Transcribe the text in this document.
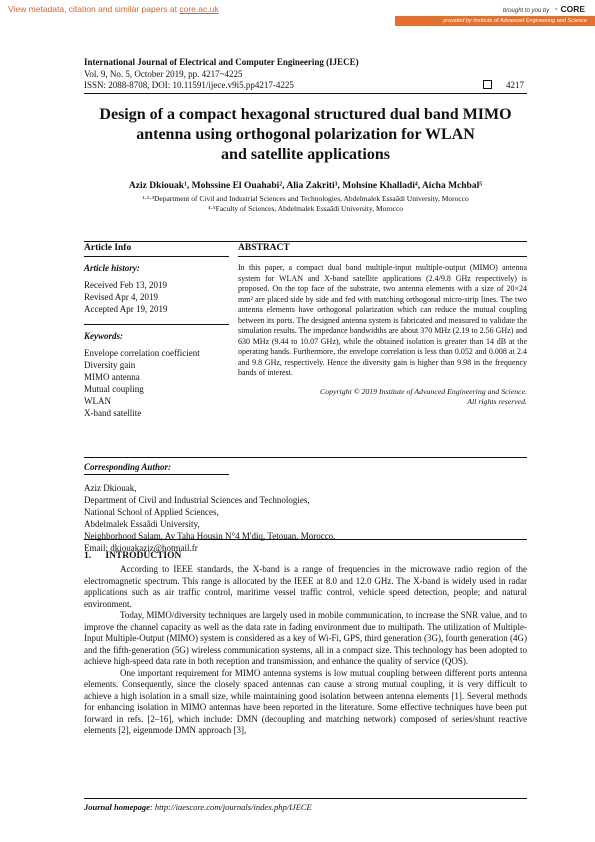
View metadata, citation and similar papers at core.ac.uk	brought to you by ◔ CORE
provided by Institute of Advanced Engineering and Science
International Journal of Electrical and Computer Engineering (IJECE)
Vol. 9, No. 5, October 2019, pp. 4217~4225
ISSN: 2088-8708, DOI: 10.11591/ijece.v9i5.pp4217-4225	4217
Design of a compact hexagonal structured dual band MIMO
antenna using orthogonal polarization for WLAN
and satellite applications
Aziz Dkiouak¹, Mohssine El Ouahabi², Alia Zakriti³, Mohsine Khalladi⁴, Aicha Mchbal⁵
¹·²·³Department of Civil and Industrial Sciences and Technologies, Abdelmalek Essaâdi University, Morocco
⁴·⁵Faculty of Sciences, Abdelmalek Essaâdi University, Morocco
Article Info
Article history:
Received Feb 13, 2019
Revised Apr 4, 2019
Accepted Apr 19, 2019
Keywords:
Envelope correlation coefficient
Diversity gain
MIMO antenna
Mutual coupling
WLAN
X-band satellite
ABSTRACT
In this paper, a compact dual band multiple-input multiple-output (MIMO) antenna system for WLAN and X-band satellite applications (2.4/9.8 GHz respectively) is proposed. On the top face of the substrate, two antenna elements with a size of 20×24 mm² are placed side by side and fed with matching orthogonal micro-strip lines. The two antenna elements have orthogonal polarization which can reduce the mutual coupling between its ports. The designed antenna system is fabricated and measured to validate the simulation results. The impedance bandwidths are about 370 MHz (2.19 to 2.56 GHz) and 630 MHz (9.44 to 10.07 GHz), while the obtained isolation is greater than 14 dB at the operating bands. Furthermore, the envelope correlation is less than 0.052 and 0.008 at 2.4 and 9.8 GHz, respectively. Hence the diversity gain is higher than 9.98 in the frequency bands of interest.
Copyright © 2019 Institute of Advanced Engineering and Science.
All rights reserved.
Corresponding Author:
Aziz Dkiouak,
Department of Civil and Industrial Sciences and Technologies,
National School of Applied Sciences,
Abdelmalek Essaâdi University,
Neighborhood Salam, Av Taha Housin N°4 M'diq, Tetouan, Morocco.
Email: dkiouakaziz@hotmail.fr
1.      INTRODUCTION

According to IEEE standards, the X-band is a range of frequencies in the microwave radio region of the electromagnetic spectrum. This range is allocated by the IEEE at 8.0 and 12.0 GHz. The X-band is widely used in radar applications such as air traffic control, maritime vessel traffic control, vehicle speed detection, people; and natural environment.

Today, MIMO/diversity techniques are largely used in mobile communication, to increase the SNR value, and to improve the channel capacity as well as the data rate in fading environment due to multipath. The utilization of Multiple-Input Multiple-Output (MIMO) system is considered as a key of Wi-Fi, GPS, third generation (3G), fourth generation (4G) and the fifth-generation (5G) wireless communication systems, all in a compact size. This technology has been adopted to achieve high-speed data rate in both reception and transmission, and enhance the quality of service (QOS).

One important requirement for MIMO antenna systems is low mutual coupling between different ports antenna elements. Consequently, since the closely spaced antennas can cause a strong mutual coupling, it is very difficult to achieve a high isolation in a small size, while maintaining good isolation between antenna elements [1]. Several methods for enhancing isolation in MIMO antennas have been reported in the literature. Some effective techniques have been put forward in refs. [2–16], which include: DMN (decoupling and matching network) composed of series/shunt reactive elements [2], eigenmode DMN approach [3],

Journal homepage: http://iaescore.com/journals/index.php/IJECE
